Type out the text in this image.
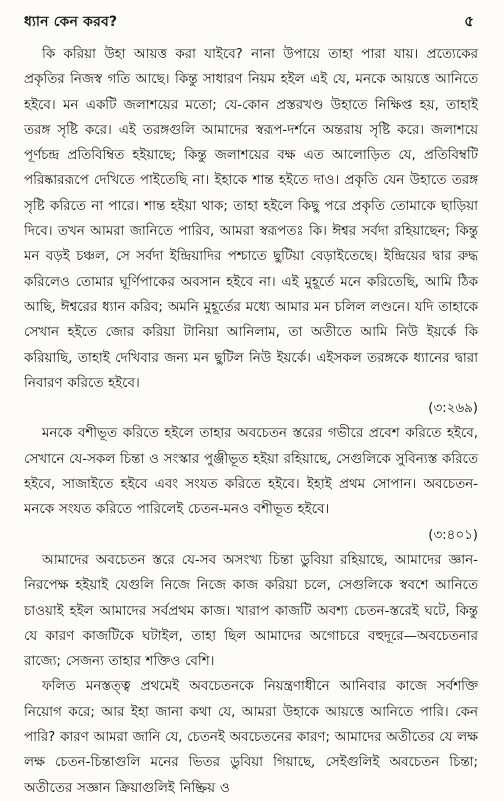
ধ্যান কেন করব?	৫

কি করিয়া উহা আয়ত্ত করা যাইবে? নানা উপায়ে তাহা পারা যায়। প্রত্যেকের প্রকৃতির নিজস্ব গতি আছে। কিন্তু সাধারণ নিয়ম হইল এই যে, মনকে আয়ত্তে আনিতে হইবে। মন একটি জলাশয়ের মতো; যে-কোন প্রস্তরখণ্ড উহাতে নিক্ষিপ্ত হয়, তাহাই তরঙ্গ সৃষ্টি করে। এই তরঙ্গগুলি আমাদের স্বরূপ-দর্শনে অন্তরায় সৃষ্টি করে। জলাশয়ে পূর্ণচন্দ্র প্রতিবিম্বিত হইয়াছে; কিন্তু জলাশয়ের বক্ষ এত আলোড়িত যে, প্রতিবিম্বটি পরিষ্কাররূপে দেখিতে পাইতেছি না। ইহাকে শান্ত হইতে দাও। প্রকৃতি যেন উহাতে তরঙ্গ সৃষ্টি করিতে না পারে। শান্ত হইয়া থাক; তাহা হইলে কিছু পরে প্রকৃতি তোমাকে ছাড়িয়া দিবে। তখন আমরা জানিতে পারিব, আমরা স্বরূপতঃ কি। ঈশ্বর সর্বদা রহিয়াছেন; কিন্তু মন বড়ই চঞ্চল, সে সর্বদা ইন্দ্রিয়াদির পশ্চাতে ছুটিয়া বেড়াইতেছে। ইন্দ্রিয়ের দ্বার রুদ্ধ করিলেও তোমার ঘূর্ণিপাকের অবসান হইবে না। এই মুহূর্তে মনে করিতেছি, আমি ঠিক আছি, ঈশ্বরের ধ্যান করিব; অমনি মুহূর্তের মধ্যে আমার মন চলিল লণ্ডনে। যদি তাহাকে সেখান হইতে জোর করিয়া টানিয়া আনিলাম, তা অতীতে আমি নিউ ইয়র্কে কি করিয়াছি, তাহাই দেখিবার জন্য মন ছুটিল নিউ ইয়র্কে। এইসকল তরঙ্গকে ধ্যানের দ্বারা নিবারণ করিতে হইবে।
(৩:২৬৯)

মনকে বশীভূত করিতে হইলে তাহার অবচেতন স্তরের গভীরে প্রবেশ করিতে হইবে, সেখানে যে-সকল চিন্তা ও সংস্কার পুঞ্জীভূত হইয়া রহিয়াছে, সেগুলিকে সুবিন্যস্ত করিতে হইবে, সাজাইতে হইবে এবং সংযত করিতে হইবে। ইহাই প্রথম সোপান। অবচেতন-মনকে সংযত করিতে পারিলেই চেতন-মনও বশীভূত হইবে।
(৩:৪০১)

আমাদের অবচেতন স্তরে যে-সব অসংখ্য চিন্তা ডুবিয়া রহিয়াছে, আমাদের জ্ঞান-নিরপেক্ষ হইয়াই যেগুলি নিজে নিজে কাজ করিয়া চলে, সেগুলিকে স্ববশে আনিতে চাওয়াই হইল আমাদের সর্বপ্রথম কাজ। খারাপ কাজটি অবশ্য চেতন-স্তরেই ঘটে, কিন্তু যে কারণ কাজটিকে ঘটাইল, তাহা ছিল আমাদের অগোচরে বহুদূরে—অবচেতনার রাজ্যে; সেজন্য তাহার শক্তিও বেশি।

ফলিত মনস্তত্ত্ব প্রথমেই অবচেতনকে নিয়ন্ত্রণাধীনে আনিবার কাজে সর্বশক্তি নিয়োগ করে; আর ইহা জানা কথা যে, আমরা উহাকে আয়ত্তে আনিতে পারি। কেন পারি? কারণ আমরা জানি যে, চেতনই অবচেতনের কারণ; আমাদের অতীতের যে লক্ষ লক্ষ চেতন-চিন্তাগুলি মনের ভিতর ডুবিয়া গিয়াছে, সেইগুলিই অবচেতন চিন্তা; অতীতের সজ্ঞান ক্রিয়াগুলিই নিষ্ক্রিয় ও
